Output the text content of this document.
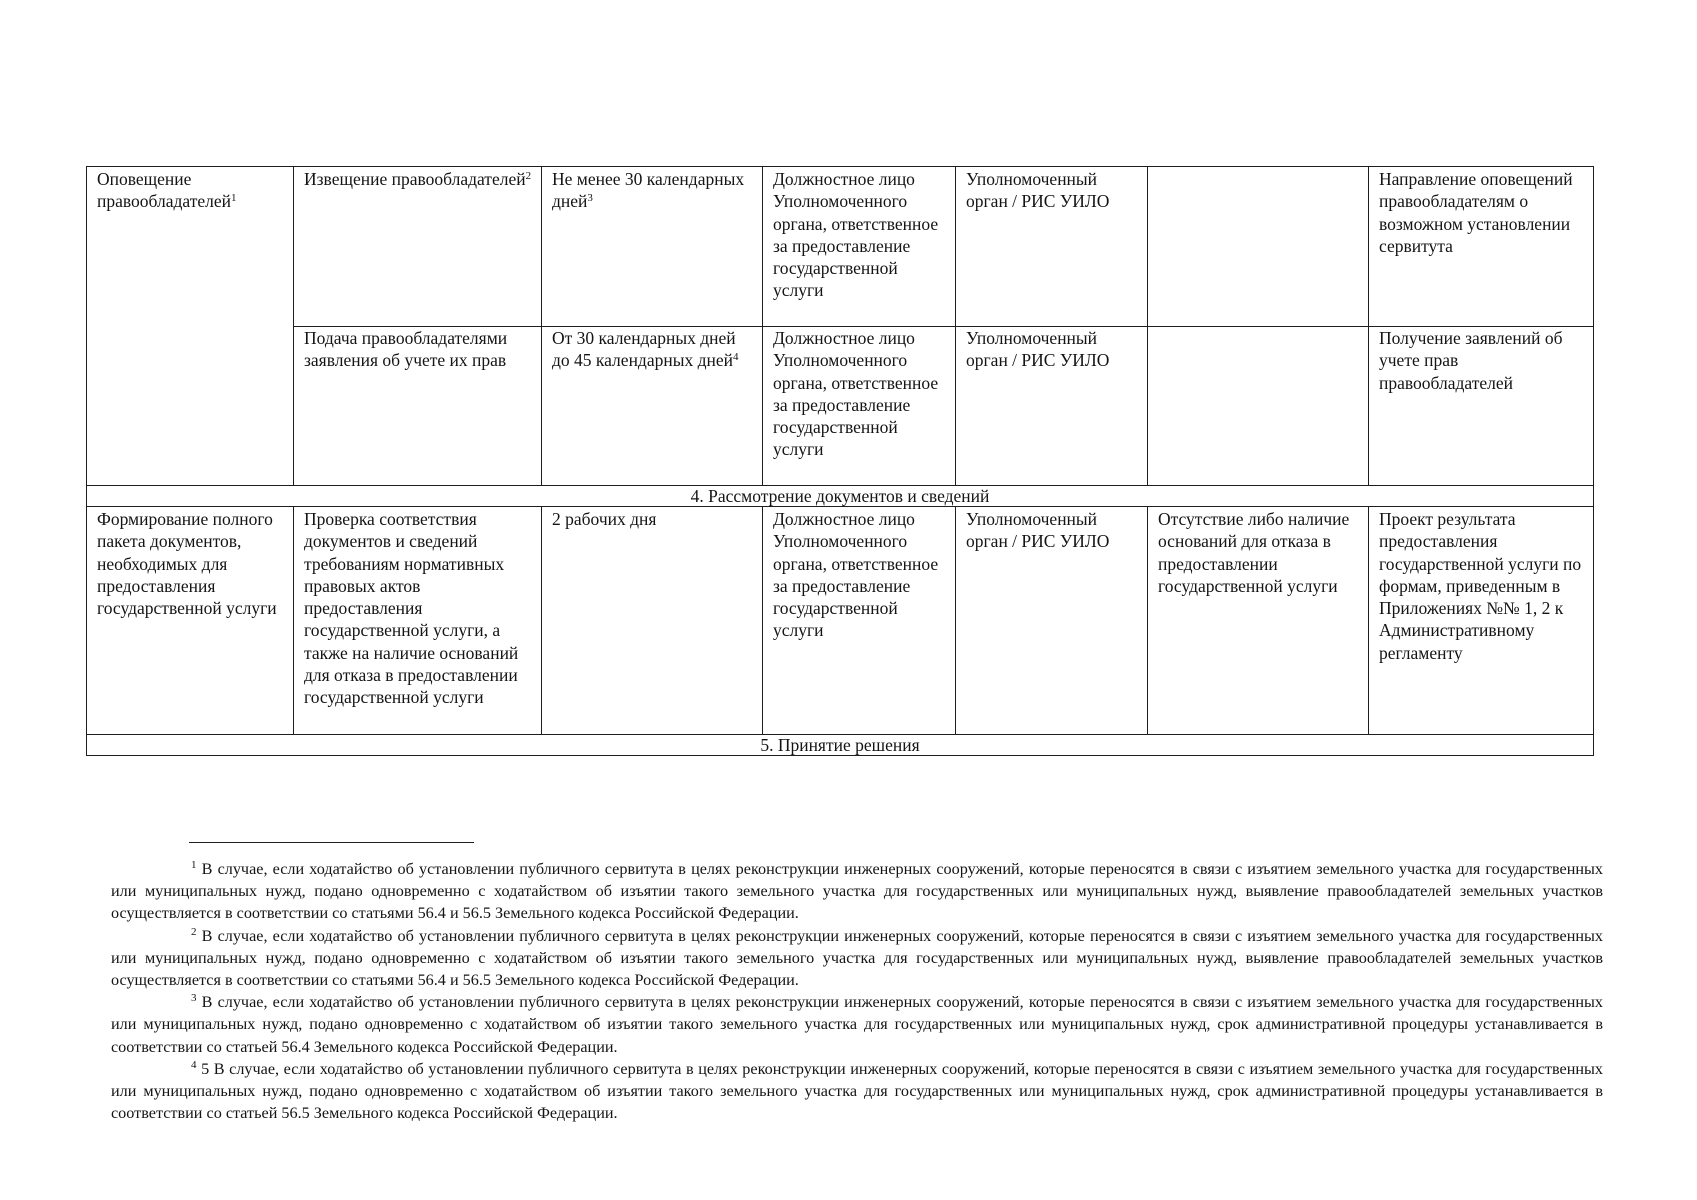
Оповещение правообладателей$^1$	Извещение правообладателей$^2$	Не менее 30 календарных дней$^3$	Должностное лицо Уполномоченного органа, ответственное за предоставление государственной услуги	Уполномоченный орган / РИС УИЛО		Направление оповещений правообладателям о возможном установлении сервитута

	Подача правообладателями заявления об учете их прав	От 30 календарных дней до 45 календарных дней$^4$	Должностное лицо Уполномоченного органа, ответственное за предоставление государственной услуги	Уполномоченный орган / РИС УИЛО		Получение заявлений об учете прав правообладателей

4. Рассмотрение документов и сведений						

Формирование полного пакета документов, необходимых для предоставления государственной услуги	Проверка соответствия документов и сведений требованиям нормативных правовых актов предоставления государственной услуги, а также на наличие оснований для отказа в предоставлении государственной услуги	2 рабочих дня	Должностное лицо Уполномоченного органа, ответственное за предоставление государственной услуги	Уполномоченный орган / РИС УИЛО	Отсутствие либо наличие оснований для отказа в предоставлении государственной услуги	Проект результата предоставления государственной услуги по формам, приведенным в Приложениях №№ 1, 2 к Административному регламенту

5. Принятие решения						

$^1$ В случае, если ходатайство об установлении публичного сервитута в целях реконструкции инженерных сооружений, которые переносятся в связи с изъятием земельного участка для государственных или муниципальных нужд, подано одновременно с ходатайством об изъятии такого земельного участка для государственных или муниципальных нужд, выявление правообладателей земельных участков осуществляется в соответствии со статьями 56.4 и 56.5 Земельного кодекса Российской Федерации.

$^2$ В случае, если ходатайство об установлении публичного сервитута в целях реконструкции инженерных сооружений, которые переносятся в связи с изъятием земельного участка для государственных или муниципальных нужд, подано одновременно с ходатайством об изъятии такого земельного участка для государственных или муниципальных нужд, выявление правообладателей земельных участков осуществляется в соответствии со статьями 56.4 и 56.5 Земельного кодекса Российской Федерации.

$^3$ В случае, если ходатайство об установлении публичного сервитута в целях реконструкции инженерных сооружений, которые переносятся в связи с изъятием земельного участка для государственных или муниципальных нужд, подано одновременно с ходатайством об изъятии такого земельного участка для государственных или муниципальных нужд, срок административной процедуры устанавливается в соответствии со статьей 56.4 Земельного кодекса Российской Федерации.

$^4$ 5 В случае, если ходатайство об установлении публичного сервитута в целях реконструкции инженерных сооружений, которые переносятся в связи с изъятием земельного участка для государственных или муниципальных нужд, подано одновременно с ходатайством об изъятии такого земельного участка для государственных или муниципальных нужд, срок административной процедуры устанавливается в соответствии со статьей 56.5 Земельного кодекса Российской Федерации.
